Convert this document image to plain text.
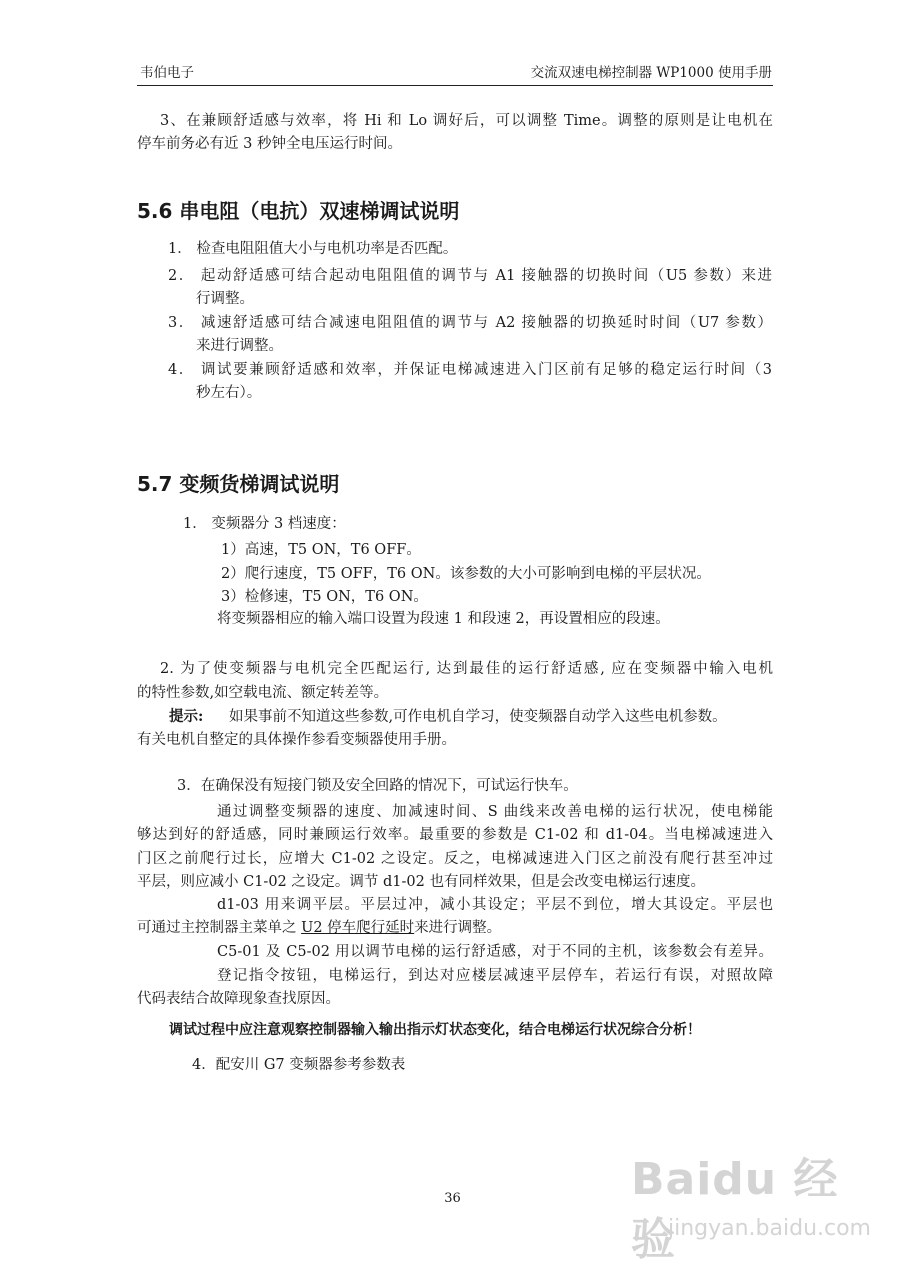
韦伯电子	交流双速电梯控制器 WP1000 使用手册
3、在兼顾舒适感与效率，将 Hi 和 Lo 调好后，可以调整 Time。调整的原则是让电机在
停车前务必有近 3 秒钟全电压运行时间。
5.6 串电阻（电抗）双速梯调试说明
1． 检查电阻阻值大小与电机功率是否匹配。
2． 起动舒适感可结合起动电阻阻值的调节与 A1 接触器的切换时间（U5 参数）来进
行调整。
3． 减速舒适感可结合减速电阻阻值的调节与 A2 接触器的切换延时时间（U7 参数）
来进行调整。
4． 调试要兼顾舒适感和效率，并保证电梯减速进入门区前有足够的稳定运行时间（3
秒左右）。
5.7 变频货梯调试说明
1． 变频器分 3 档速度：
1）高速，T5 ON，T6 OFF。
2）爬行速度，T5 OFF，T6 ON。该参数的大小可影响到电梯的平层状况。
3）检修速，T5 ON，T6 ON。
将变频器相应的输入端口设置为段速 1 和段速 2，再设置相应的段速。
2. 为了使变频器与电机完全匹配运行, 达到最佳的运行舒适感, 应在变频器中输入电机
的特性参数,如空载电流、额定转差等。
提示: 如果事前不知道这些参数,可作电机自学习，使变频器自动学入这些电机参数。
有关电机自整定的具体操作参看变频器使用手册。
3．在确保没有短接门锁及安全回路的情况下，可试运行快车。
通过调整变频器的速度、加减速时间、S 曲线来改善电梯的运行状况，使电梯能
够达到好的舒适感，同时兼顾运行效率。最重要的参数是 C1-02 和 d1-04。当电梯减速进入
门区之前爬行过长，应增大 C1-02 之设定。反之，电梯减速进入门区之前没有爬行甚至冲过
平层，则应减小 C1-02 之设定。调节 d1-02 也有同样效果，但是会改变电梯运行速度。
d1-03 用来调平层。平层过冲，减小其设定；平层不到位，增大其设定。平层也
可通过主控制器主菜单之 U2 停车爬行延时来进行调整。
C5-01 及 C5-02 用以调节电梯的运行舒适感，对于不同的主机，该参数会有差异。
登记指令按钮，电梯运行，到达对应楼层减速平层停车，若运行有误，对照故障
代码表结合故障现象查找原因。
调试过程中应注意观察控制器输入输出指示灯状态变化，结合电梯运行状况综合分析！
4．配安川 G7 变频器参考参数表
36	Baidu 经验
jingyan.baidu.com
